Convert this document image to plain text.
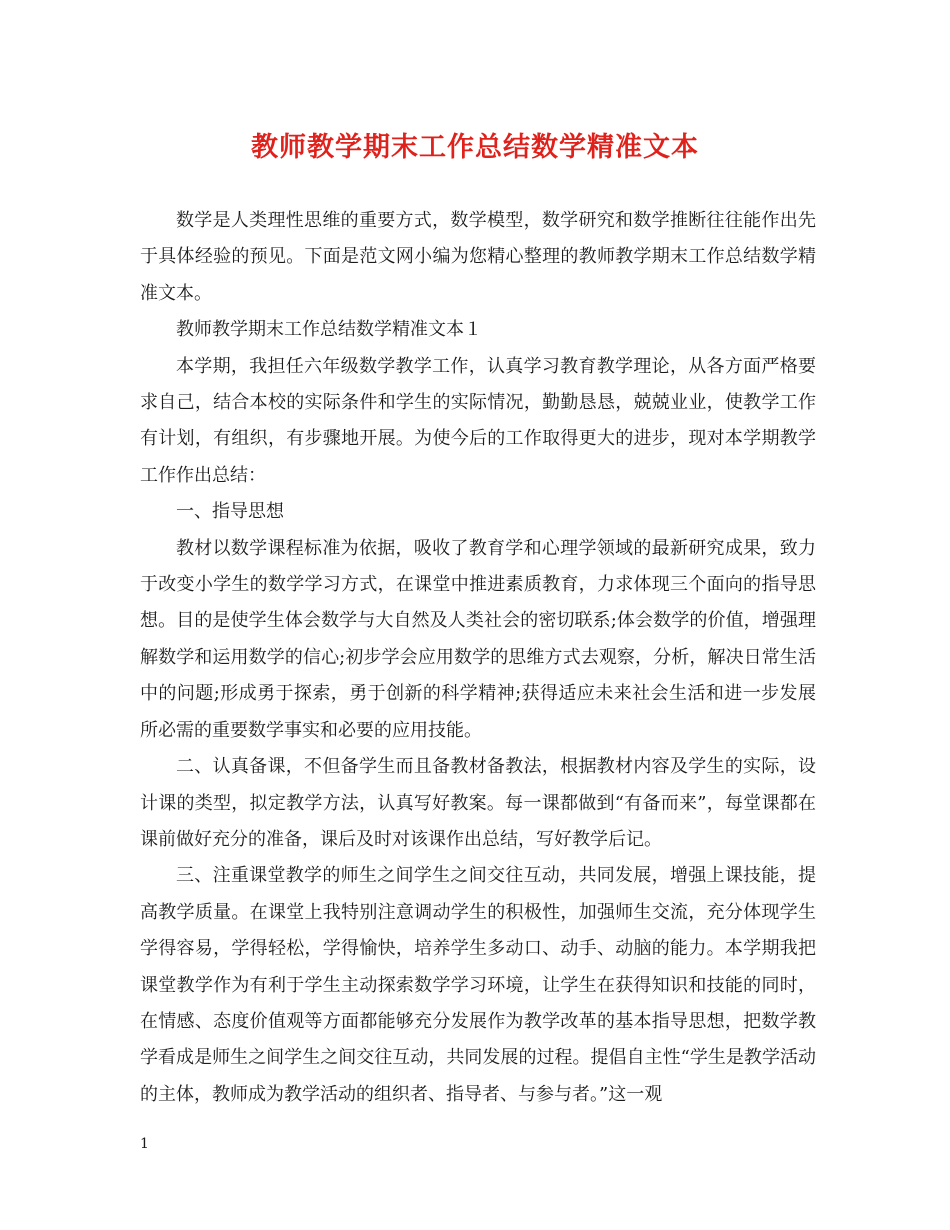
教师教学期末工作总结数学精准文本

数学是人类理性思维的重要方式，数学模型，数学研究和数学推断往往能作出先于具体经验的预见。下面是范文网小编为您精心整理的教师教学期末工作总结数学精准文本。

教师教学期末工作总结数学精准文本１

本学期，我担任六年级数学教学工作，认真学习教育教学理论，从各方面严格要求自己，结合本校的实际条件和学生的实际情况，勤勤恳恳，兢兢业业，使教学工作有计划，有组织，有步骤地开展。为使今后的工作取得更大的进步，现对本学期教学工作作出总结：

一、指导思想

教材以数学课程标准为依据，吸收了教育学和心理学领域的最新研究成果，致力于改变小学生的数学学习方式，在课堂中推进素质教育，力求体现三个面向的指导思想。目的是使学生体会数学与大自然及人类社会的密切联系;体会数学的价值，增强理解数学和运用数学的信心;初步学会应用数学的思维方式去观察，分析，解决日常生活中的问题;形成勇于探索，勇于创新的科学精神;获得适应未来社会生活和进一步发展所必需的重要数学事实和必要的应用技能。

二、认真备课，不但备学生而且备教材备教法，根据教材内容及学生的实际，设计课的类型，拟定教学方法，认真写好教案。每一课都做到“有备而来”，每堂课都在课前做好充分的准备，课后及时对该课作出总结，写好教学后记。

三、注重课堂教学的师生之间学生之间交往互动，共同发展，增强上课技能，提高教学质量。在课堂上我特别注意调动学生的积极性，加强师生交流，充分体现学生学得容易，学得轻松，学得愉快，培养学生多动口、动手、动脑的能力。本学期我把课堂教学作为有利于学生主动探索数学学习环境，让学生在获得知识和技能的同时，在情感、态度价值观等方面都能够充分发展作为教学改革的基本指导思想，把数学教学看成是师生之间学生之间交往互动，共同发展的过程。提倡自主性“学生是教学活动的主体，教师成为教学活动的组织者、指导者、与参与者。”这一观

1
